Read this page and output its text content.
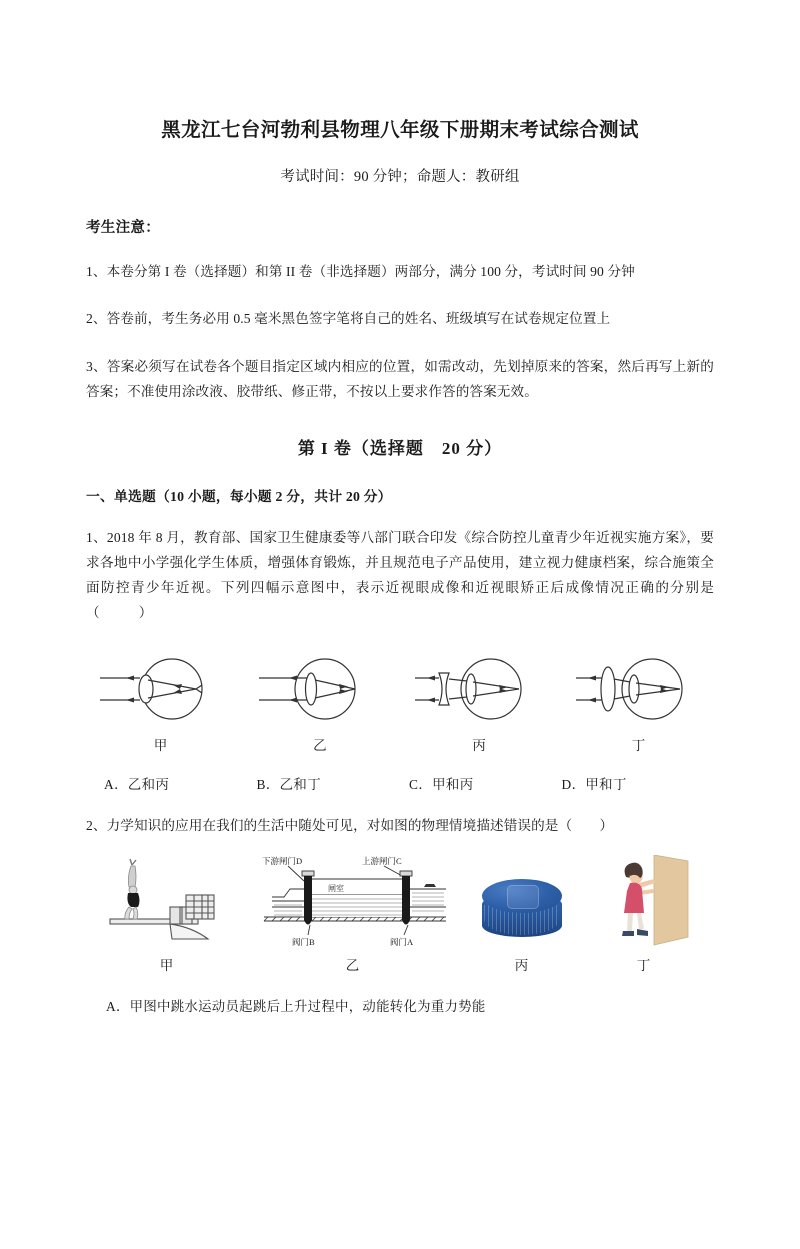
黑龙江七台河勃利县物理八年级下册期末考试综合测试
考试时间：90 分钟；命题人：教研组
考生注意：
1、本卷分第 I 卷（选择题）和第 II 卷（非选择题）两部分，满分 100 分，考试时间 90 分钟
2、答卷前，考生务必用 0.5 毫米黑色签字笔将自己的姓名、班级填写在试卷规定位置上
3、答案必须写在试卷各个题目指定区域内相应的位置，如需改动，先划掉原来的答案，然后再写上新的答案；不准使用涂改液、胶带纸、修正带，不按以上要求作答的答案无效。
第 I 卷（选择题　20 分）
一、单选题（10 小题，每小题 2 分，共计 20 分）
1、2018 年 8 月，教育部、国家卫生健康委等八部门联合印发《综合防控儿童青少年近视实施方案》，要求各地中小学强化学生体质，增强体育锻炼，并且规范电子产品使用，建立视力健康档案，综合施策全面防控青少年近视。下列四幅示意图中，表示近视眼成像和近视眼矫正后成像情况正确的分别是 （　　）
甲	乙	丙	丁
A．乙和丙	B．乙和丁	C．甲和丙	D．甲和丁
2、力学知识的应用在我们的生活中随处可见，对如图的物理情境描述错误的是（　　）
甲
下游闸门D	上游闸门C
闸室
阀门B	阀门A
乙	丙	丁
A．甲图中跳水运动员起跳后上升过程中，动能转化为重力势能
